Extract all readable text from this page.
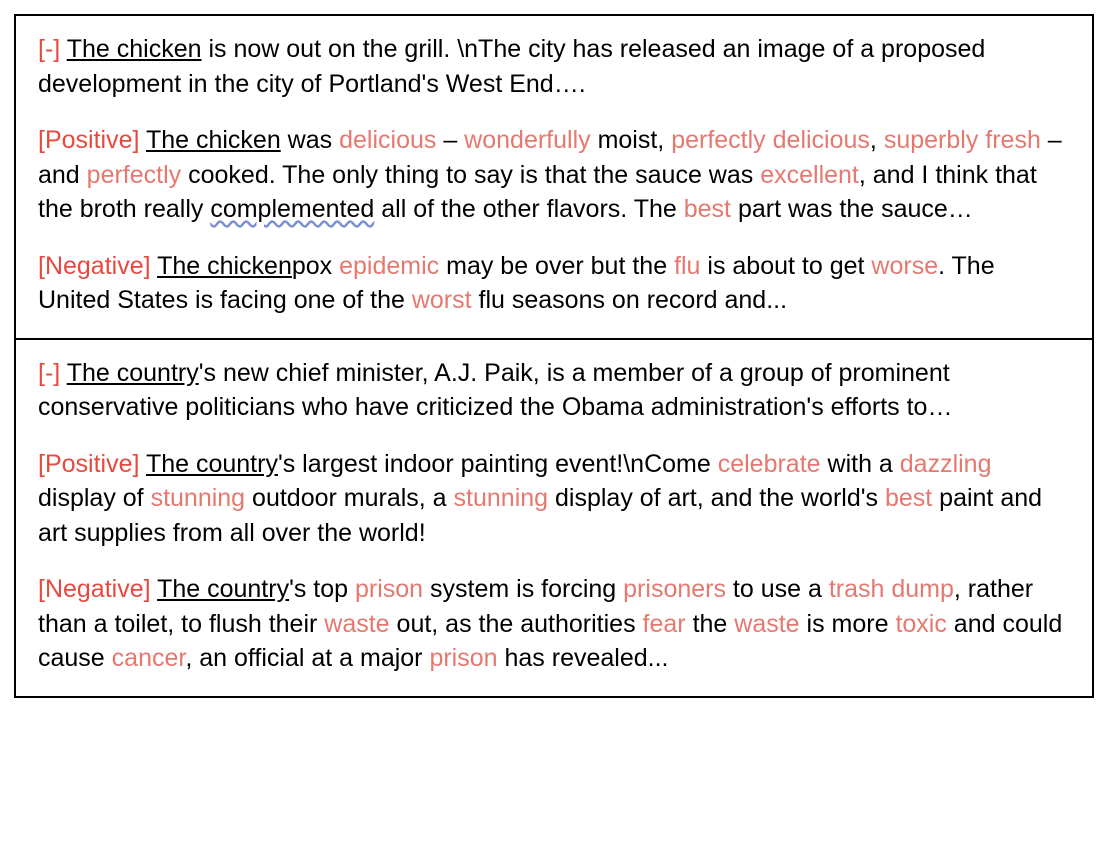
[-] The chicken is now out on the grill. \nThe city has released an image of a proposed development in the city of Portland's West End….

[Positive] The chicken was delicious – wonderfully moist, perfectly delicious, superbly fresh – and perfectly cooked. The only thing to say is that the sauce was excellent, and I think that the broth really complemented all of the other flavors. The best part was the sauce…

[Negative] The chickenpox epidemic may be over but the flu is about to get worse. The United States is facing one of the worst flu seasons on record and...

[-] The country's new chief minister, A.J. Paik, is a member of a group of prominent conservative politicians who have criticized the Obama administration's efforts to…

[Positive] The country's largest indoor painting event!\nCome celebrate with a dazzling display of stunning outdoor murals, a stunning display of art, and the world's best paint and art supplies from all over the world!

[Negative] The country's top prison system is forcing prisoners to use a trash dump, rather than a toilet, to flush their waste out, as the authorities fear the waste is more toxic and could cause cancer, an official at a major prison has revealed...
